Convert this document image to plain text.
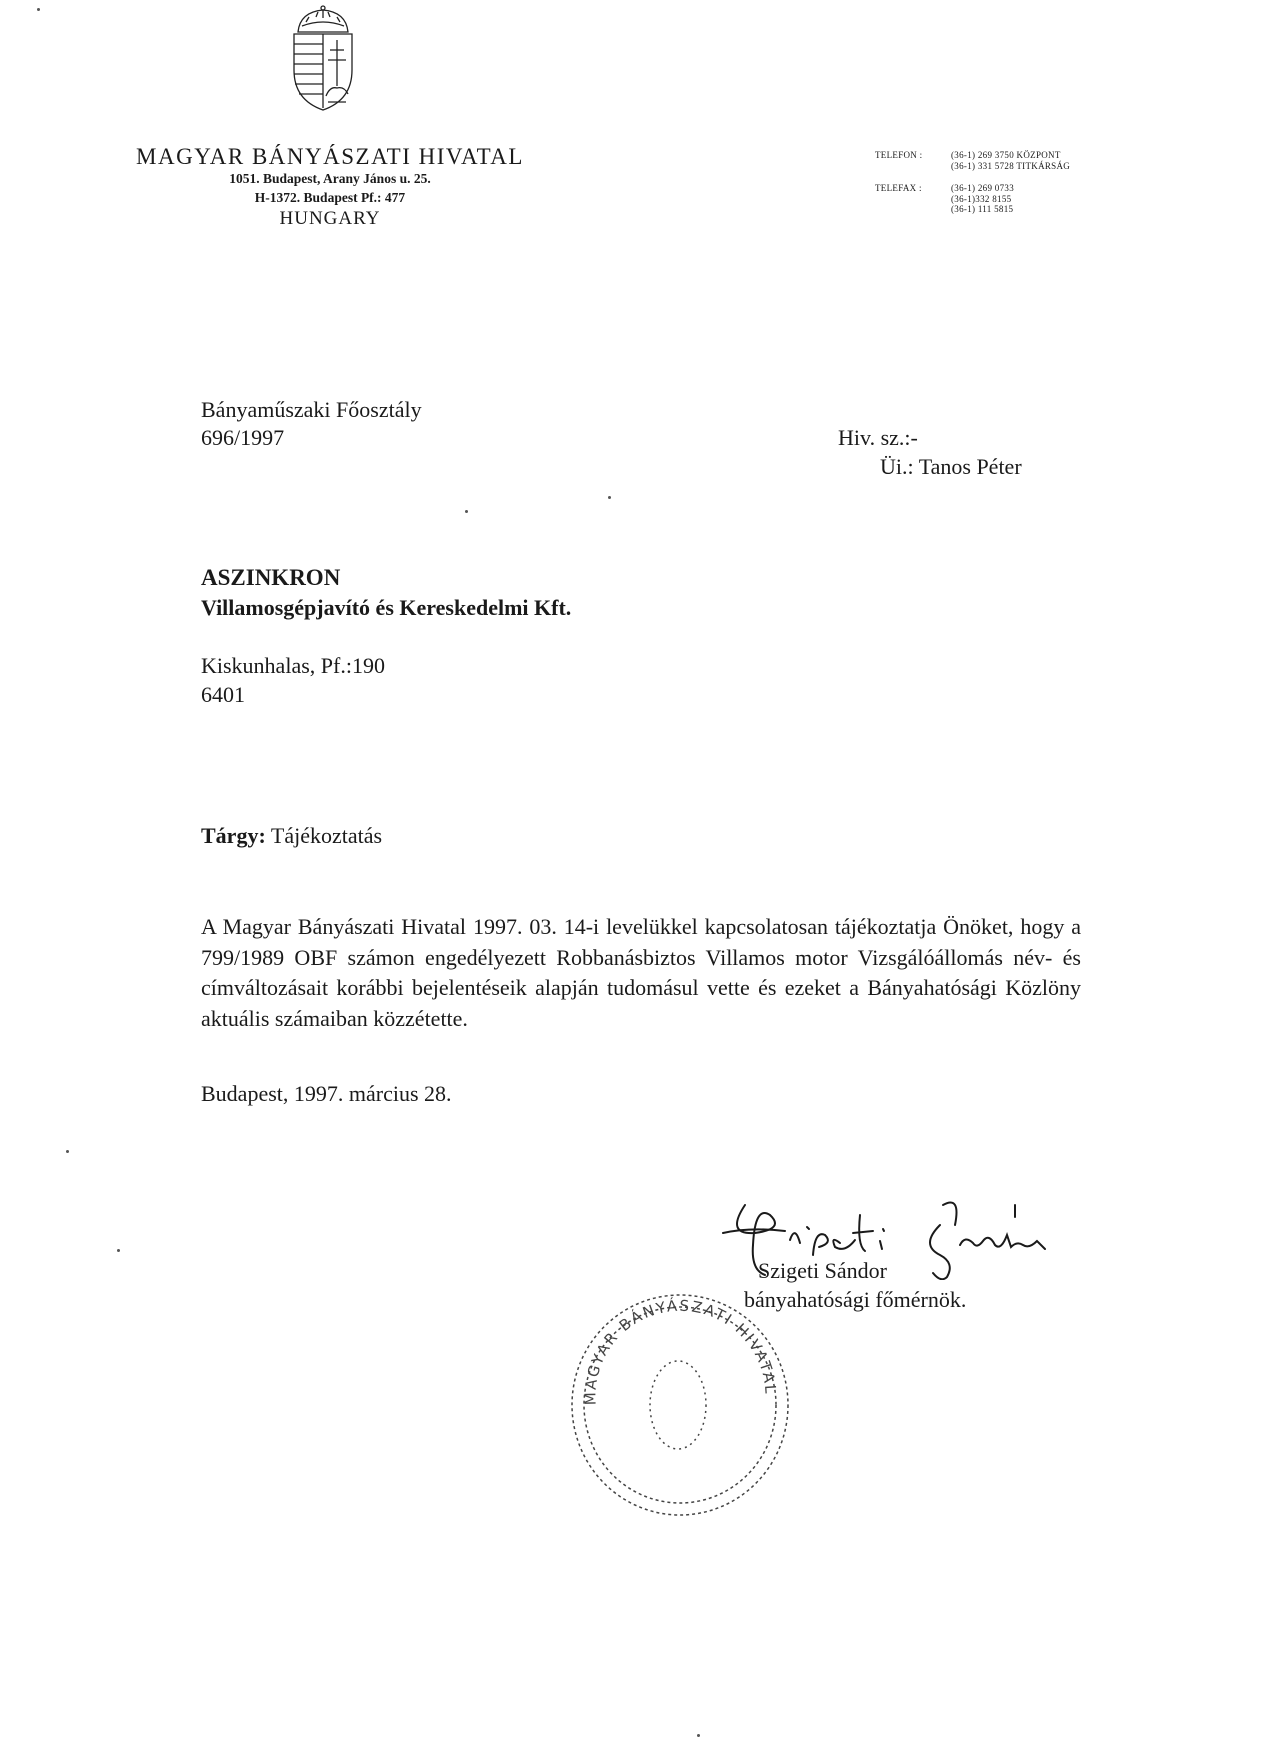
MAGYAR BÁNYÁSZATI HIVATAL
1051. Budapest, Arany János u. 25.
H-1372. Budapest Pf.: 477
HUNGARY
TELEFON :	(36-1) 269 3750 KÖZPONT
(36-1) 331 5728 TITKÁRSÁG
TELEFAX :	(36-1) 269 0733
(36-1)332 8155
(36-1) 111 5815
Bányaműszaki Főosztály
696/1997	Hiv. sz.:-
Üi.: Tanos Péter
ASZINKRON
Villamosgépjavító és Kereskedelmi Kft.
Kiskunhalas, Pf.:190
6401
Tárgy: Tájékoztatás
A Magyar Bányászati Hivatal 1997. 03. 14-i levelükkel kapcsolatosan tájékoztatja Önöket, hogy a 799/1989 OBF számon engedélyezett Robbanásbiztos Villamos motor Vizsgálóállomás név- és címváltozásait korábbi bejelentéseik alapján tudomásul vette és ezeket a Bányahatósági Közlöny aktuális számaiban közzétette.
Budapest, 1997. március 28.
Szigeti Sándor
bányahatósági főmérnök.
MAGYAR BÁNYÁSZATI HIVATAL
